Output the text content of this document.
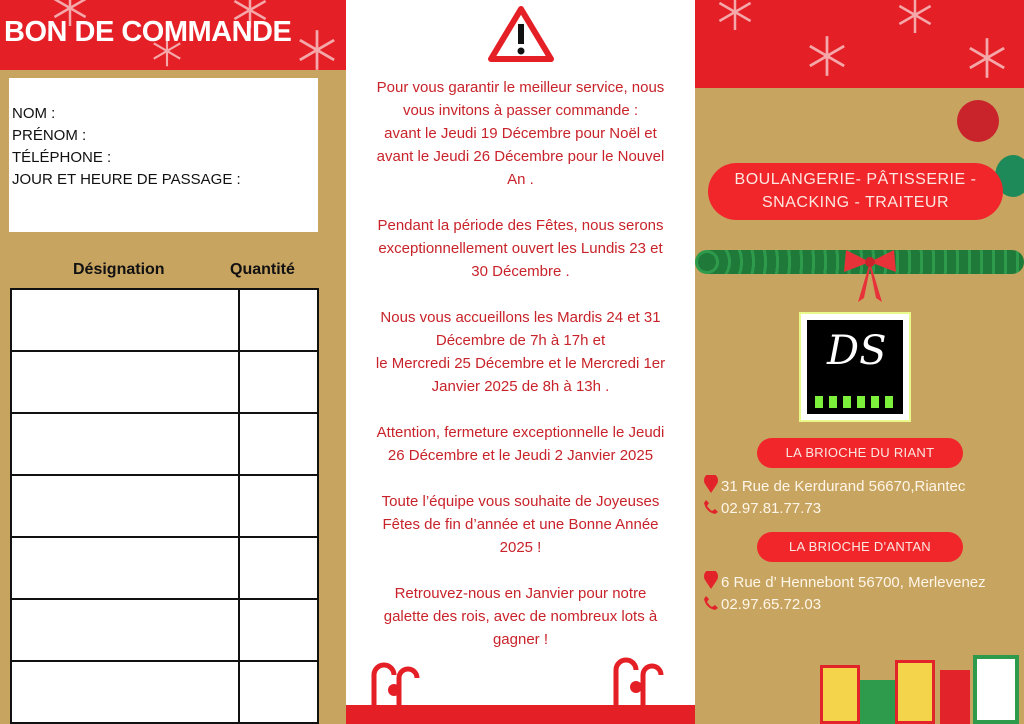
BON DE COMMANDE
NOM :
PRÉNOM :
TÉLÉPHONE :
JOUR ET HEURE DE PASSAGE :
Désignation	Quantité

Pour vous garantir le meilleur service, nous
vous invitons à passer commande :
avant le Jeudi 19 Décembre pour Noël et
avant le Jeudi 26 Décembre pour le Nouvel
An .

Pendant la période des Fêtes, nous serons
exceptionnellement ouvert les Lundis 23 et
30 Décembre .

Nous vous accueillons les Mardis 24 et 31
Décembre de 7h à 17h et
le Mercredi 25 Décembre et le Mercredi 1er
Janvier 2025 de 8h à 13h .

Attention, fermeture exceptionnelle le Jeudi
26 Décembre et le Jeudi 2 Janvier 2025

Toute l’équipe vous souhaite de Joyeuses
Fêtes de fin d’année et une Bonne Année
2025 !

Retrouvez-nous en Janvier pour notre
galette des rois, avec de nombreux lots à
gagner !

BOULANGERIE- PÂTISSERIE -
SNACKING - TRAITEUR
DS
LA BRIOCHE DU RIANT
31 Rue de Kerdurand 56670,Riantec
02.97.81.77.73
LA BRIOCHE D'ANTAN
6 Rue d’ Hennebont 56700, Merlevenez
02.97.65.72.03
